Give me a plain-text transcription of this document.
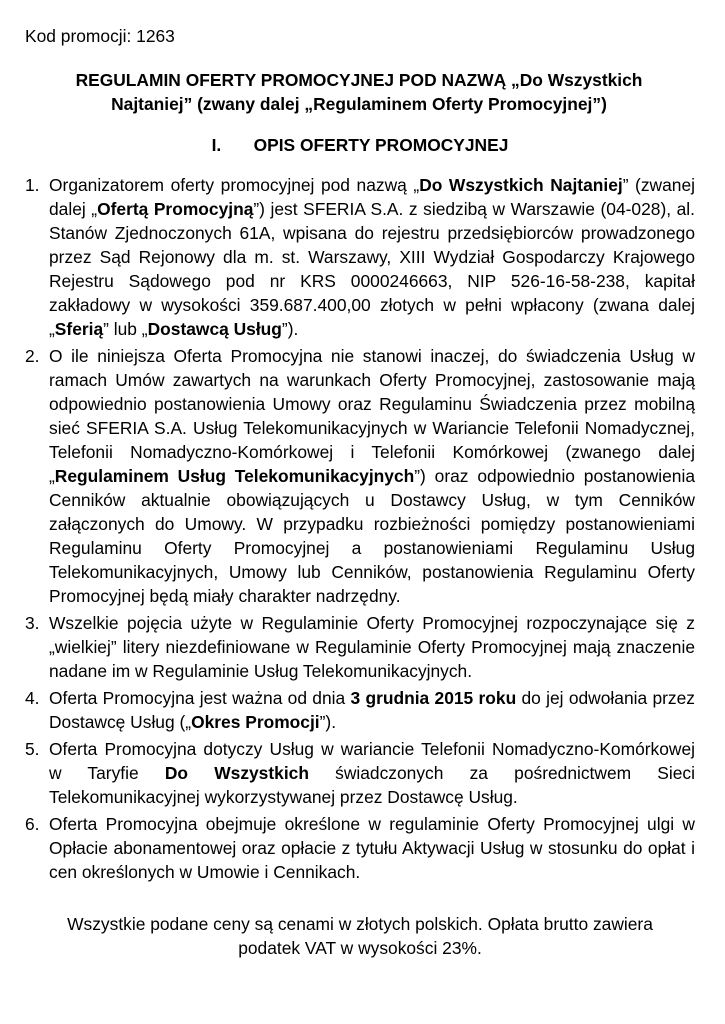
Kod promocji: 1263

REGULAMIN OFERTY PROMOCYJNEJ POD NAZWĄ „Do Wszystkich Najtaniej” (zwany dalej „Regulaminem Oferty Promocyjnej”)
I. OPIS OFERTY PROMOCYJNEJ
1. Organizatorem oferty promocyjnej pod nazwą „Do Wszystkich Najtaniej” (zwanej dalej „Ofertą Promocyjną”) jest SFERIA S.A. z siedzibą w Warszawie (04-028), al. Stanów Zjednoczonych 61A, wpisana do rejestru przedsiębiorców prowadzonego przez Sąd Rejonowy dla m. st. Warszawy, XIII Wydział Gospodarczy Krajowego Rejestru Sądowego pod nr KRS 0000246663, NIP 526-16-58-238, kapitał zakładowy w wysokości 359.687.400,00 złotych w pełni wpłacony (zwana dalej „Sferią” lub „Dostawcą Usług”).
2. O ile niniejsza Oferta Promocyjna nie stanowi inaczej, do świadczenia Usług w ramach Umów zawartych na warunkach Oferty Promocyjnej, zastosowanie mają odpowiednio postanowienia Umowy oraz Regulaminu Świadczenia przez mobilną sieć SFERIA S.A. Usług Telekomunikacyjnych w Wariancie Telefonii Nomadycznej, Telefonii Nomadyczno-Komórkowej i Telefonii Komórkowej (zwanego dalej „Regulaminem Usług Telekomunikacyjnych”) oraz odpowiednio postanowienia Cenników aktualnie obowiązujących u Dostawcy Usług, w tym Cenników załączonych do Umowy. W przypadku rozbieżności pomiędzy postanowieniami Regulaminu Oferty Promocyjnej a postanowieniami Regulaminu Usług Telekomunikacyjnych, Umowy lub Cenników, postanowienia Regulaminu Oferty Promocyjnej będą miały charakter nadrzędny.
3. Wszelkie pojęcia użyte w Regulaminie Oferty Promocyjnej rozpoczynające się z „wielkiej” litery niezdefiniowane w Regulaminie Oferty Promocyjnej mają znaczenie nadane im w Regulaminie Usług Telekomunikacyjnych.
4. Oferta Promocyjna jest ważna od dnia 3 grudnia 2015 roku do jej odwołania przez Dostawcę Usług („Okres Promocji”).
5. Oferta Promocyjna dotyczy Usług w wariancie Telefonii Nomadyczno-Komórkowej w Taryfie Do Wszystkich świadczonych za pośrednictwem Sieci Telekomunikacyjnej wykorzystywanej przez Dostawcę Usług.
6. Oferta Promocyjna obejmuje określone w regulaminie Oferty Promocyjnej ulgi w Opłacie abonamentowej oraz opłacie z tytułu Aktywacji Usług w stosunku do opłat i cen określonych w Umowie i Cennikach.
Wszystkie podane ceny są cenami w złotych polskich. Opłata brutto zawiera podatek VAT w wysokości 23%.
